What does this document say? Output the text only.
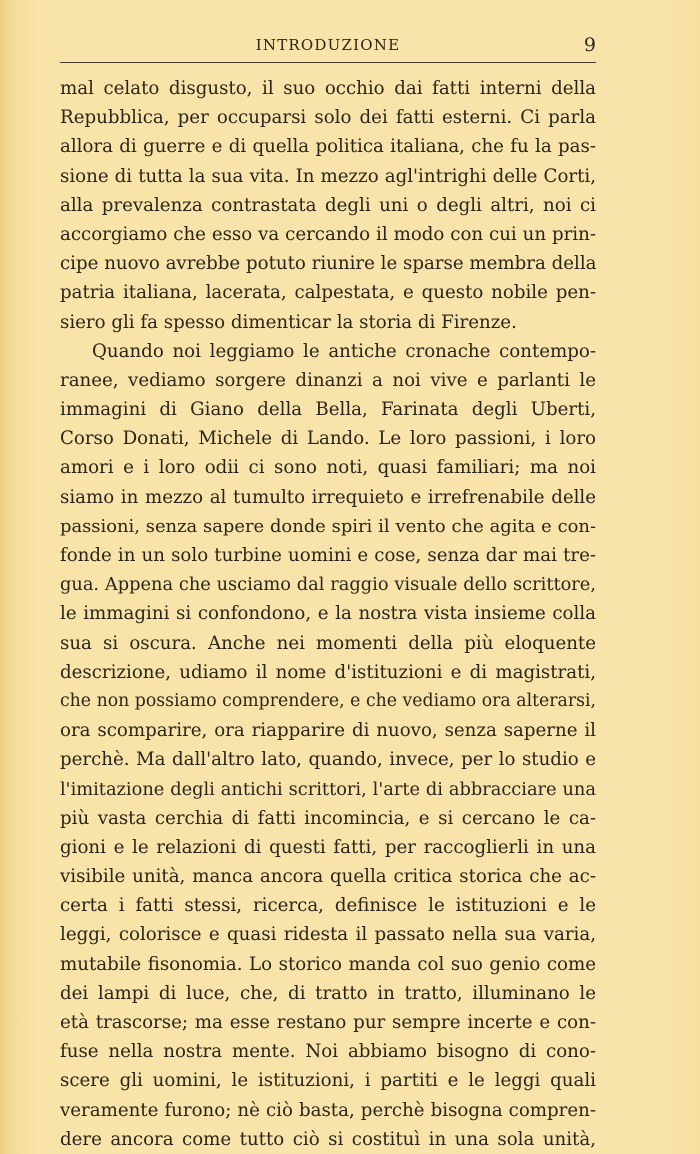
INTRODUZIONE	9
mal celato disgusto, il suo occhio dai fatti interni della
Repubblica, per occuparsi solo dei fatti esterni. Ci parla
allora di guerre e di quella politica italiana, che fu la pas-
sione di tutta la sua vita. In mezzo agl'intrighi delle Corti,
alla prevalenza contrastata degli uni o degli altri, noi ci
accorgiamo che esso va cercando il modo con cui un prin-
cipe nuovo avrebbe potuto riunire le sparse membra della
patria italiana, lacerata, calpestata, e questo nobile pen-
siero gli fa spesso dimenticar la storia di Firenze.
Quando noi leggiamo le antiche cronache contempo-
ranee, vediamo sorgere dinanzi a noi vive e parlanti le
immagini di Giano della Bella, Farinata degli Uberti,
Corso Donati, Michele di Lando. Le loro passioni, i loro
amori e i loro odii ci sono noti, quasi familiari; ma noi
siamo in mezzo al tumulto irrequieto e irrefrenabile delle
passioni, senza sapere donde spiri il vento che agita e con-
fonde in un solo turbine uomini e cose, senza dar mai tre-
gua. Appena che usciamo dal raggio visuale dello scrittore,
le immagini si confondono, e la nostra vista insieme colla
sua si oscura. Anche nei momenti della più eloquente
descrizione, udiamo il nome d'istituzioni e di magistrati,
che non possiamo comprendere, e che vediamo ora alterarsi,
ora scomparire, ora riapparire di nuovo, senza saperne il
perchè. Ma dall'altro lato, quando, invece, per lo studio e
l'imitazione degli antichi scrittori, l'arte di abbracciare una
più vasta cerchia di fatti incomincia, e si cercano le ca-
gioni e le relazioni di questi fatti, per raccoglierli in una
visibile unità, manca ancora quella critica storica che ac-
certa i fatti stessi, ricerca, definisce le istituzioni e le
leggi, colorisce e quasi ridesta il passato nella sua varia,
mutabile fisonomia. Lo storico manda col suo genio come
dei lampi di luce, che, di tratto in tratto, illuminano le
età trascorse; ma esse restano pur sempre incerte e con-
fuse nella nostra mente. Noi abbiamo bisogno di cono-
scere gli uomini, le istituzioni, i partiti e le leggi quali
veramente furono; nè ciò basta, perchè bisogna compren-
dere ancora come tutto ciò si costituì in una sola unità,
